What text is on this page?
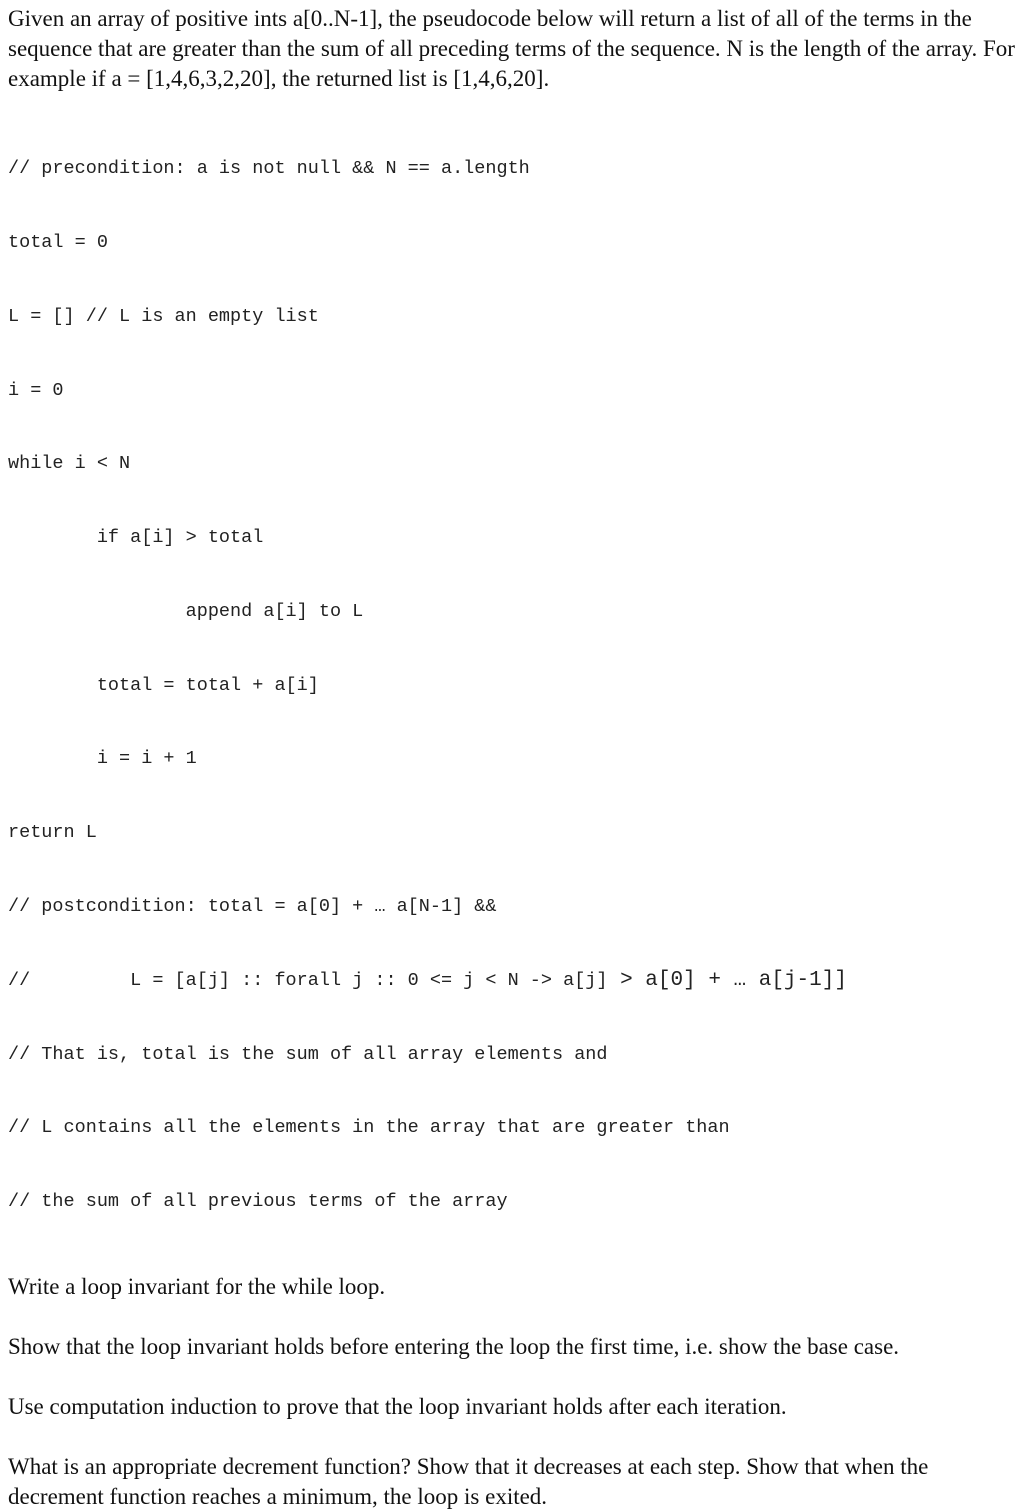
Given an array of positive ints a[0..N-1], the pseudocode below will return a list of all of the terms in the sequence that are greater than the sum of all preceding terms of the sequence. N is the length of the array. For example if a = [1,4,6,3,2,20], the returned list is [1,4,6,20].

// precondition: a is not null && N == a.length

total = 0

L = [] // L is an empty list

i = 0

while i < N

if a[i] > total

append a[i] to L

total = total + a[i]

i = i + 1

return L

// postcondition: total = a[0] + … a[N-1] &&

//         L = [a[j] :: forall j :: 0 <= j < N -> a[j] > a[0] + … a[j-1]]

// That is, total is the sum of all array elements and

// L contains all the elements in the array that are greater than

// the sum of all previous terms of the array

Write a loop invariant for the while loop.

Show that the loop invariant holds before entering the loop the first time, i.e. show the base case.

Use computation induction to prove that the loop invariant holds after each iteration.

What is an appropriate decrement function? Show that it decreases at each step. Show that when the decrement function reaches a minimum, the loop is exited.
